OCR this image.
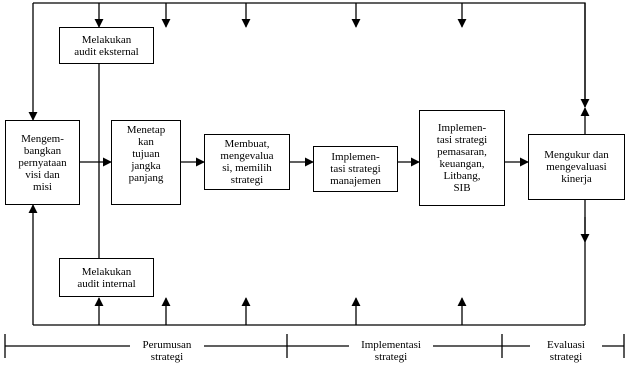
Melakukan
audit eksternal
Melakukan
audit internal
Mengem-
bangkan
pernyataan
visi dan
misi
Menetap
kan
tujuan
jangka
panjang
Membuat,
mengevalua
si, memilih
strategi
Implemen-
tasi strategi
manajemen
Implemen-
tasi strategi
pemasaran,
keuangan,
Litbang,
SIB
Mengukur dan
mengevaluasi
kinerja
Perumusan
strategi
Implementasi
strategi
Evaluasi
strategi
